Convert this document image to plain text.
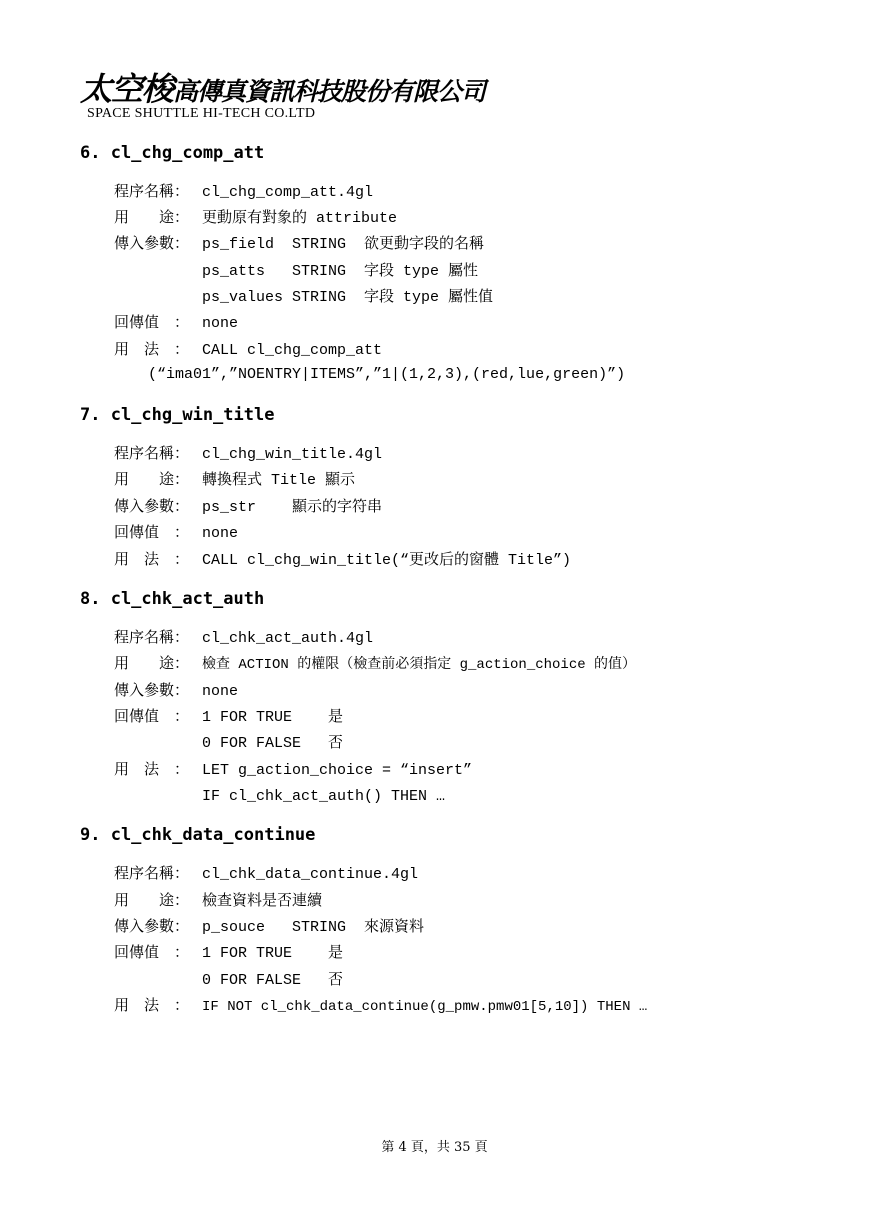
太空梭高傳真資訊科技股份有限公司
SPACE SHUTTLE HI-TECH CO.LTD
6. cl_chg_comp_att
程序名稱： cl_chg_comp_att.4gl
用　　途： 更動原有對象的 attribute
傳入參數： ps_field  STRING  欲更動字段的名稱
ps_atts   STRING  字段 type 屬性
ps_values STRING  字段 type 屬性值
回傳值　： none
用　法　： CALL cl_chg_comp_att
(“ima01”,”NOENTRY|ITEMS”,”1|(1,2,3),(red,lue,green)”)
7. cl_chg_win_title
程序名稱： cl_chg_win_title.4gl
用　　途： 轉換程式 Title 顯示
傳入參數： ps_str    顯示的字符串
回傳值　： none
用　法　： CALL cl_chg_win_title(“更改后的窗體 Title”)
8. cl_chk_act_auth
程序名稱： cl_chk_act_auth.4gl
用　　途： 檢查 ACTION 的權限（檢查前必須指定 g_action_choice 的值）
傳入參數： none
回傳值　： 1 FOR TRUE    是
0 FOR FALSE   否
用　法　： LET g_action_choice = “insert”
IF cl_chk_act_auth() THEN …
9. cl_chk_data_continue
程序名稱： cl_chk_data_continue.4gl
用　　途： 檢查資料是否連續
傳入參數： p_souce   STRING  來源資料
回傳值　： 1 FOR TRUE    是
0 FOR FALSE   否
用　法　： IF NOT cl_chk_data_continue(g_pmw.pmw01[5,10]) THEN …
第 4 頁，共 35 頁
